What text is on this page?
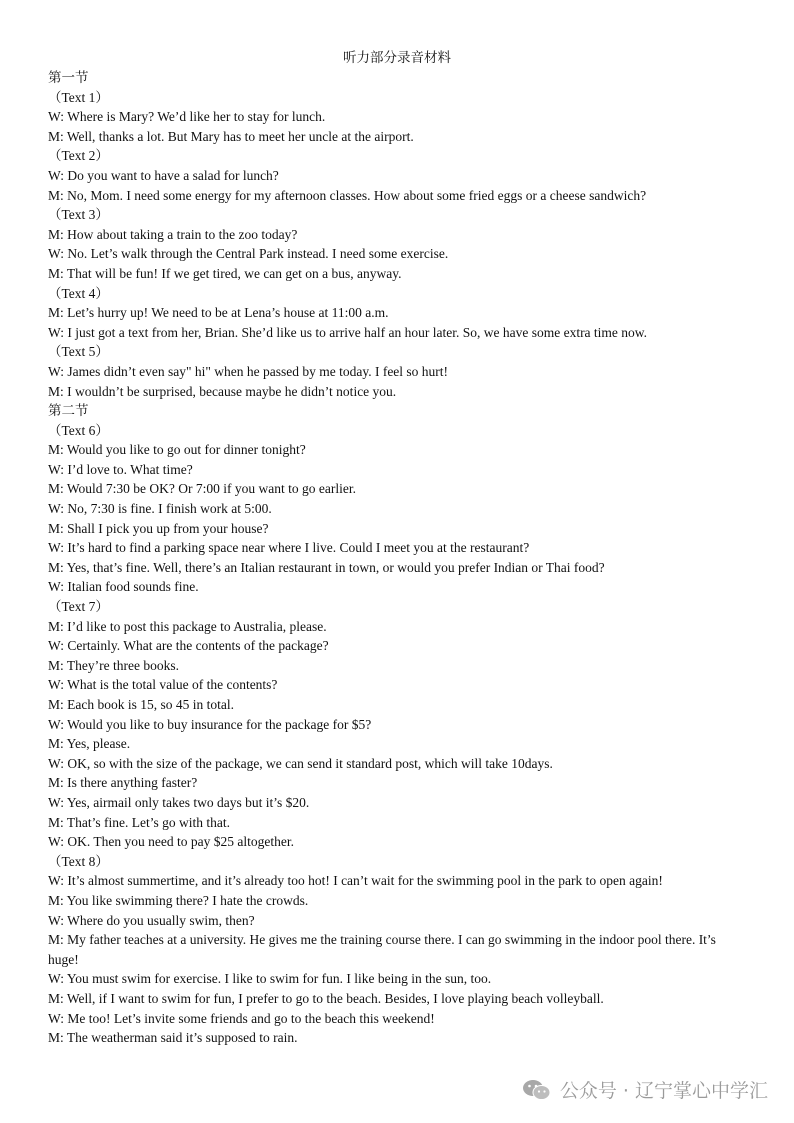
听力部分录音材料
第一节
（Text 1）
W: Where is Mary? We’d like her to stay for lunch.
M: Well, thanks a lot. But Mary has to meet her uncle at the airport.
（Text 2）
W: Do you want to have a salad for lunch?
M: No, Mom. I need some energy for my afternoon classes. How about some fried eggs or a cheese sandwich?
（Text 3）
M: How about taking a train to the zoo today?
W: No. Let’s walk through the Central Park instead. I need some exercise.
M: That will be fun! If we get tired, we can get on a bus, anyway.
（Text 4）
M: Let’s hurry up! We need to be at Lena’s house at 11:00 a.m.
W: I just got a text from her, Brian. She’d like us to arrive half an hour later. So, we have some extra time now.
（Text 5）
W: James didn’t even say" hi" when he passed by me today. I feel so hurt!
M: I wouldn’t be surprised, because maybe he didn’t notice you.
第二节
（Text 6）
M: Would you like to go out for dinner tonight?
W: I’d love to. What time?
M: Would 7:30 be OK? Or 7:00 if you want to go earlier.
W: No, 7:30 is fine. I finish work at 5:00.
M: Shall I pick you up from your house?
W: It’s hard to find a parking space near where I live. Could I meet you at the restaurant?
M: Yes, that’s fine. Well, there’s an Italian restaurant in town, or would you prefer Indian or Thai food?
W: Italian food sounds fine.
（Text 7）
M: I’d like to post this package to Australia, please.
W: Certainly. What are the contents of the package?
M: They’re three books.
W: What is the total value of the contents?
M: Each book is 15, so 45 in total.
W: Would you like to buy insurance for the package for $5?
M: Yes, please.
W: OK, so with the size of the package, we can send it standard post, which will take 10days.
M: Is there anything faster?
W: Yes, airmail only takes two days but it’s $20.
M: That’s fine. Let’s go with that.
W: OK. Then you need to pay $25 altogether.
（Text 8）
W: It’s almost summertime, and it’s already too hot! I can’t wait for the swimming pool in the park to open again!
M: You like swimming there? I hate the crowds.
W: Where do you usually swim, then?
M: My father teaches at a university. He gives me the training course there. I can go swimming in the indoor pool there. It’s huge!
W: You must swim for exercise. I like to swim for fun. I like being in the sun, too.
M: Well, if I want to swim for fun, I prefer to go to the beach. Besides, I love playing beach volleyball.
W: Me too! Let’s invite some friends and go to the beach this weekend!
M: The weatherman said it’s supposed to rain.
公众号 · 辽宁掌心中学汇
